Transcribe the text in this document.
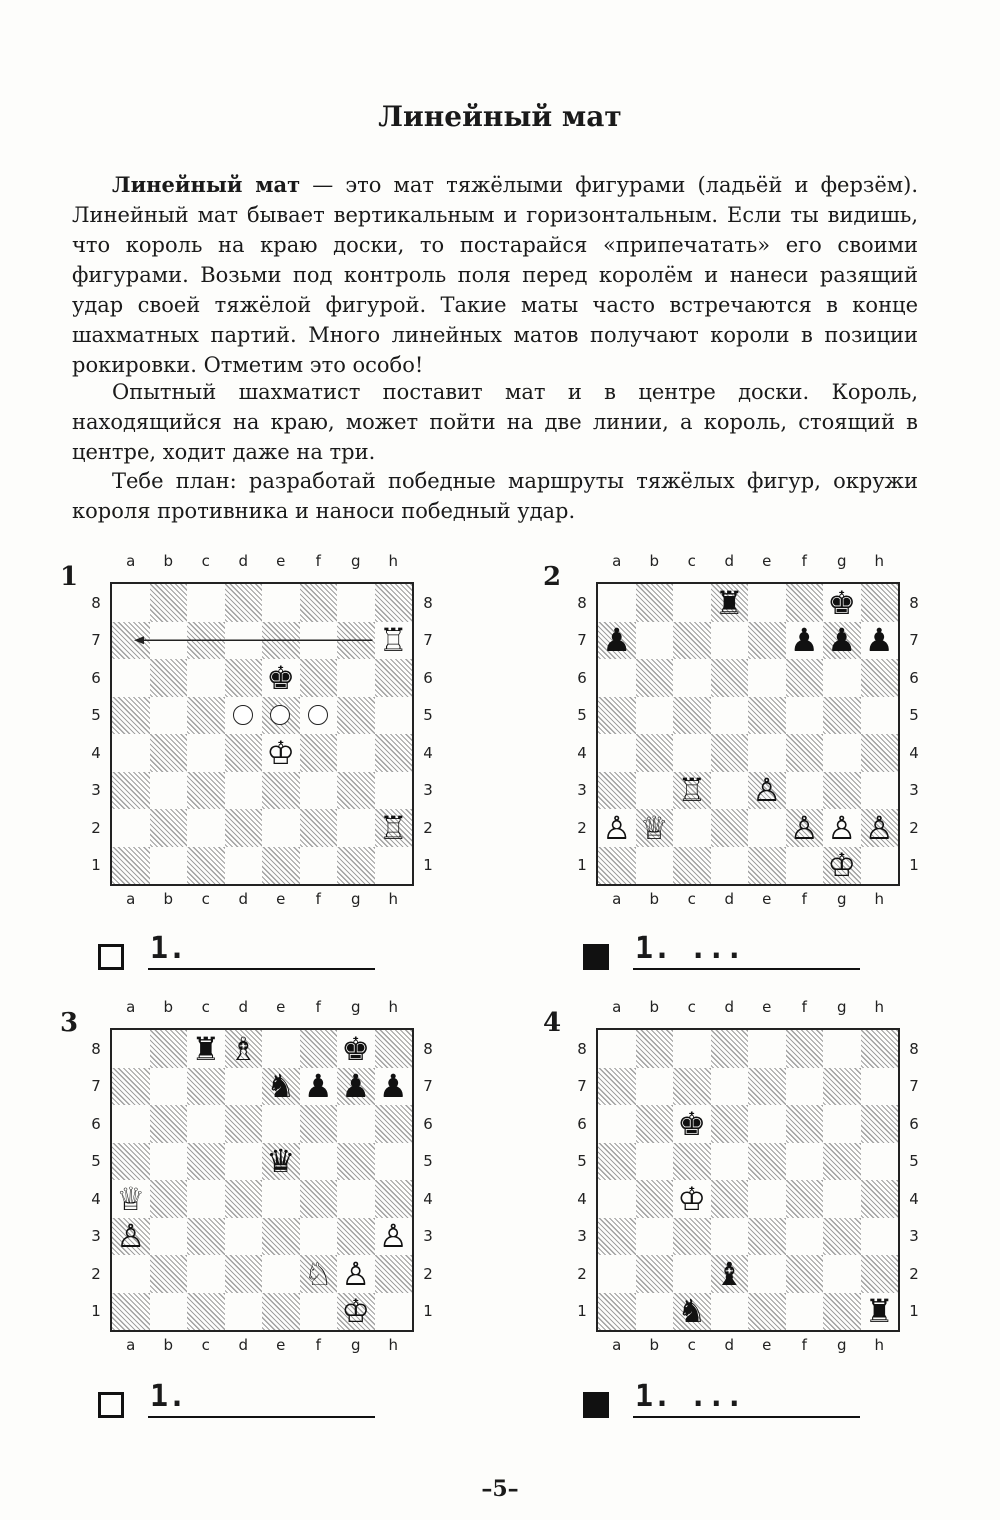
Линейный мат

Линейный мат — это мат тяжёлыми фигурами (ладьёй и ферзём). Линейный мат бывает вертикальным и горизонтальным. Если ты видишь, что король на краю доски, то постарайся «припечатать» его своими фигурами. Возьми под контроль поля перед королём и нанеси разящий удар своей тяжёлой фигурой. Такие маты часто встречаются в конце шахматных партий. Много линейных матов получают короли в позиции рокировки. Отметим это особо!

Опытный шахматист поставит мат и в центре доски. Король, находящийся на краю, может пойти на две линии, а король, стоящий в центре, ходит даже на три.

Тебе план: разработай победные маршруты тяжёлых фигур, окружи короля противника и наноси победный удар.

♖
♚
♔
♖
a
a
b
b
c
c
d
d
e
e
f
f
g
g
h
h
8	8
7	7
6	6
5	5
4	4
3	3
2	2
1	1
♜	♚
♟	♟ ♟ ♟
♖ ♙
♙ ♕	♙ ♙ ♙
♔
a
a
b
b
c
c
d
d
e
e
f
f
g
g
h
h
8	8
7	7
6	6
5	5
4	4
3	3
2	2
1	1
♜ ♗	♚
♞ ♟ ♟ ♟
♛
♕
♙	♙
♘ ♙
♔
a
a
b
b
c
c
d
d
e
e
f
f
g
g
h
h
8	8
7	7
6	6
5	5
4	4
3	3
2	2
1	1
♚
♔
♝
♞	♜
a
a
b
b
c
c
d
d
e
e
f
f
g
g
h
h
8	8
7	7
6	6
5	5
4	4
3	3
2	2
1	1
1	2
3	4
1.	1. ...
1.	1. ...
–5–
